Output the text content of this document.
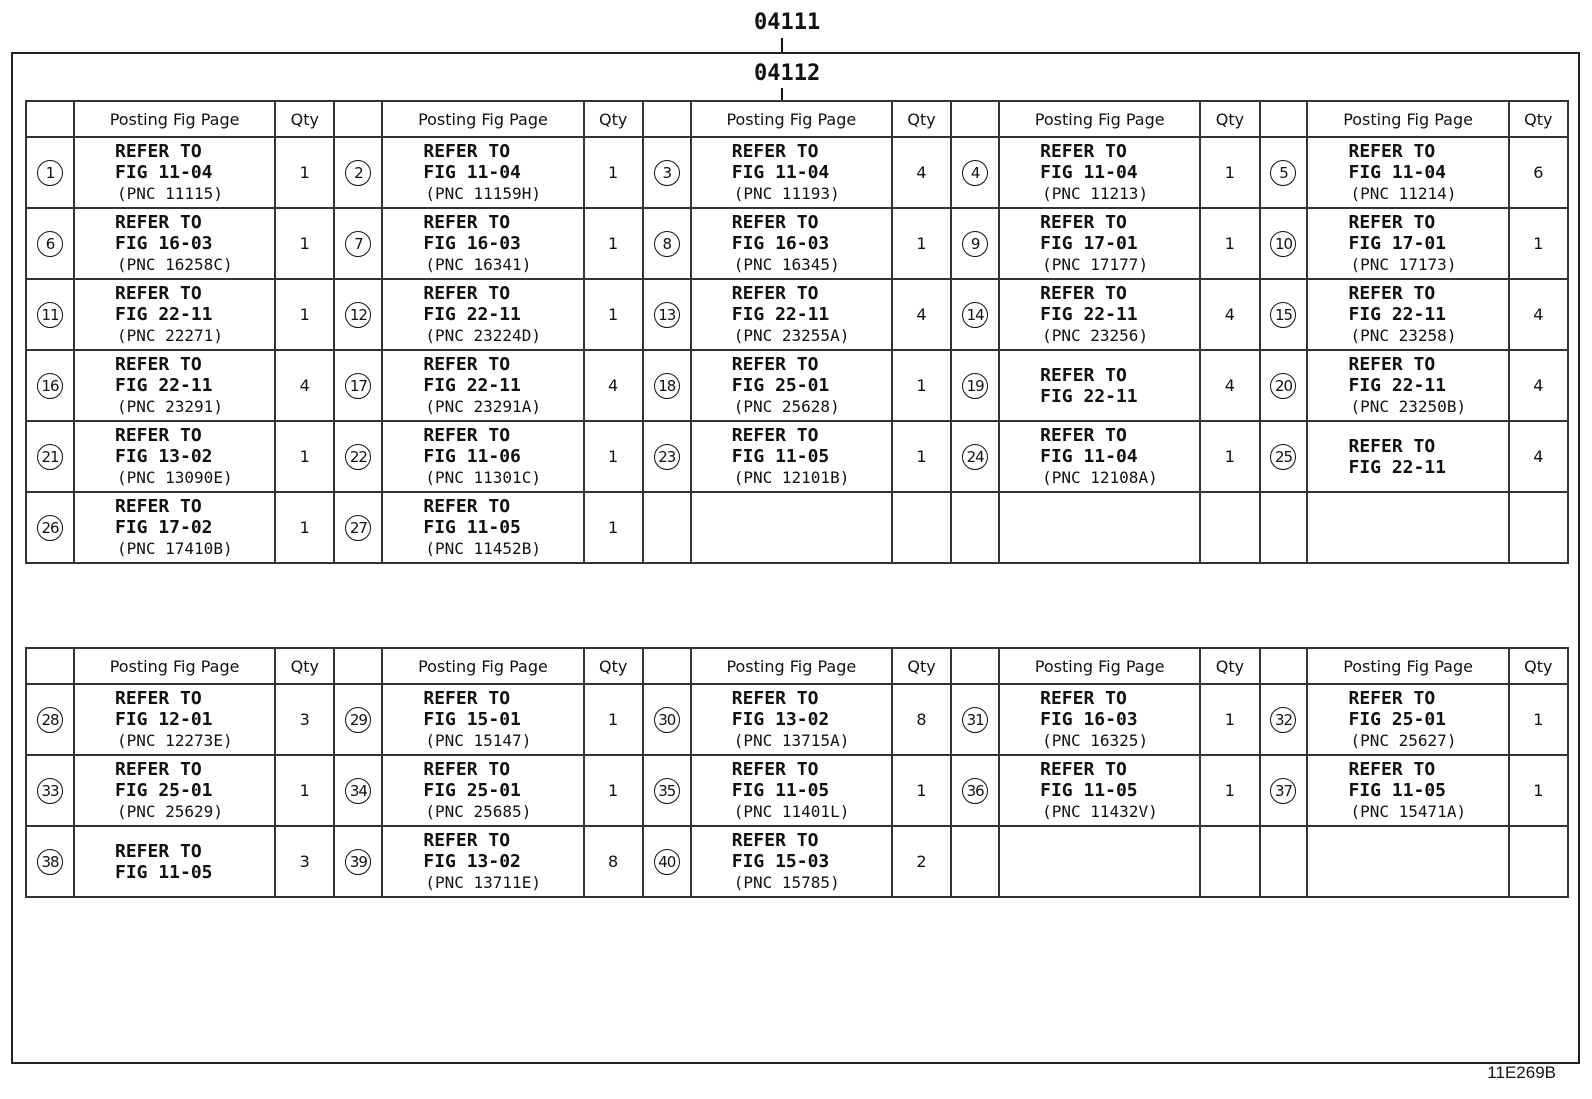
04111
04112
	Posting Fig Page	Qty		Posting Fig Page	Qty		Posting Fig Page	Qty		Posting Fig Page	Qty		Posting Fig Page	Qty
1	REFER TO
FIG 11-04
(PNC 11115)	1	2	REFER TO
FIG 11-04
(PNC 11159H)	1	3	REFER TO
FIG 11-04
(PNC 11193)	4	4	REFER TO
FIG 11-04
(PNC 11213)	1	5	REFER TO
FIG 11-04
(PNC 11214)	6
6	REFER TO
FIG 16-03
(PNC 16258C)	1	7	REFER TO
FIG 16-03
(PNC 16341)	1	8	REFER TO
FIG 16-03
(PNC 16345)	1	9	REFER TO
FIG 17-01
(PNC 17177)	1	10	REFER TO
FIG 17-01
(PNC 17173)	1
11	REFER TO
FIG 22-11
(PNC 22271)	1	12	REFER TO
FIG 22-11
(PNC 23224D)	1	13	REFER TO
FIG 22-11
(PNC 23255A)	4	14	REFER TO
FIG 22-11
(PNC 23256)	4	15	REFER TO
FIG 22-11
(PNC 23258)	4
16	REFER TO
FIG 22-11
(PNC 23291)	4	17	REFER TO
FIG 22-11
(PNC 23291A)	4	18	REFER TO
FIG 25-01
(PNC 25628)	1	19	REFER TO
FIG 22-11	4	20	REFER TO
FIG 22-11
(PNC 23250B)	4
21	REFER TO
FIG 13-02
(PNC 13090E)	1	22	REFER TO
FIG 11-06
(PNC 11301C)	1	23	REFER TO
FIG 11-05
(PNC 12101B)	1	24	REFER TO
FIG 11-04
(PNC 12108A)	1	25	REFER TO
FIG 22-11	4
26	REFER TO
FIG 17-02
(PNC 17410B)	1	27	REFER TO
FIG 11-05
(PNC 11452B)	1									
	Posting Fig Page	Qty		Posting Fig Page	Qty		Posting Fig Page	Qty		Posting Fig Page	Qty		Posting Fig Page	Qty
28	REFER TO
FIG 12-01
(PNC 12273E)	3	29	REFER TO
FIG 15-01
(PNC 15147)	1	30	REFER TO
FIG 13-02
(PNC 13715A)	8	31	REFER TO
FIG 16-03
(PNC 16325)	1	32	REFER TO
FIG 25-01
(PNC 25627)	1
33	REFER TO
FIG 25-01
(PNC 25629)	1	34	REFER TO
FIG 25-01
(PNC 25685)	1	35	REFER TO
FIG 11-05
(PNC 11401L)	1	36	REFER TO
FIG 11-05
(PNC 11432V)	1	37	REFER TO
FIG 11-05
(PNC 15471A)	1
38	REFER TO
FIG 11-05	3	39	REFER TO
FIG 13-02
(PNC 13711E)	8	40	REFER TO
FIG 15-03
(PNC 15785)	2						
11E269B
